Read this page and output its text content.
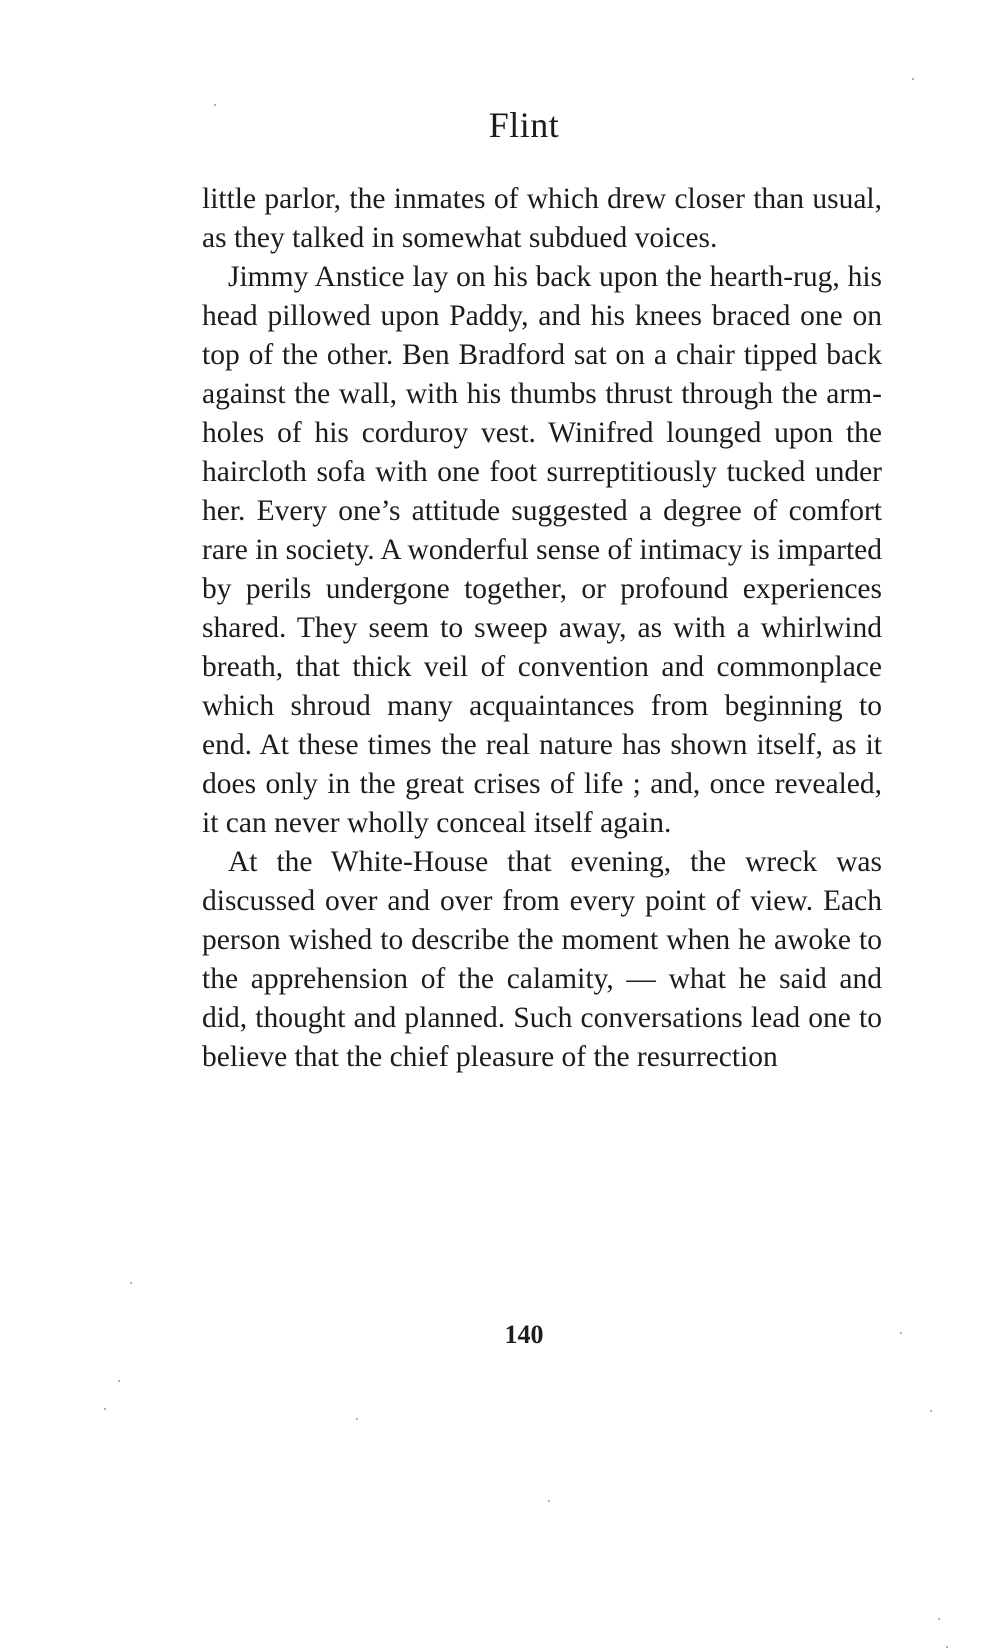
Flint

little parlor, the inmates of which drew closer than usual, as they talked in somewhat subdued voices.

Jimmy Anstice lay on his back upon the hearth-rug, his head pillowed upon Paddy, and his knees braced one on top of the other. Ben Bradford sat on a chair tipped back against the wall, with his thumbs thrust through the arm-holes of his corduroy vest. Winifred lounged upon the haircloth sofa with one foot surreptitiously tucked under her. Every one’s attitude suggested a degree of comfort rare in society. A wonderful sense of intimacy is imparted by perils undergone together, or profound experiences shared. They seem to sweep away, as with a whirlwind breath, that thick veil of convention and commonplace which shroud many acquaintances from beginning to end. At these times the real nature has shown itself, as it does only in the great crises of life ; and, once revealed, it can never wholly conceal itself again.

At the White-House that evening, the wreck was discussed over and over from every point of view. Each person wished to describe the moment when he awoke to the apprehension of the calamity, — what he said and did, thought and planned. Such conversations lead one to believe that the chief pleasure of the resurrection

140
